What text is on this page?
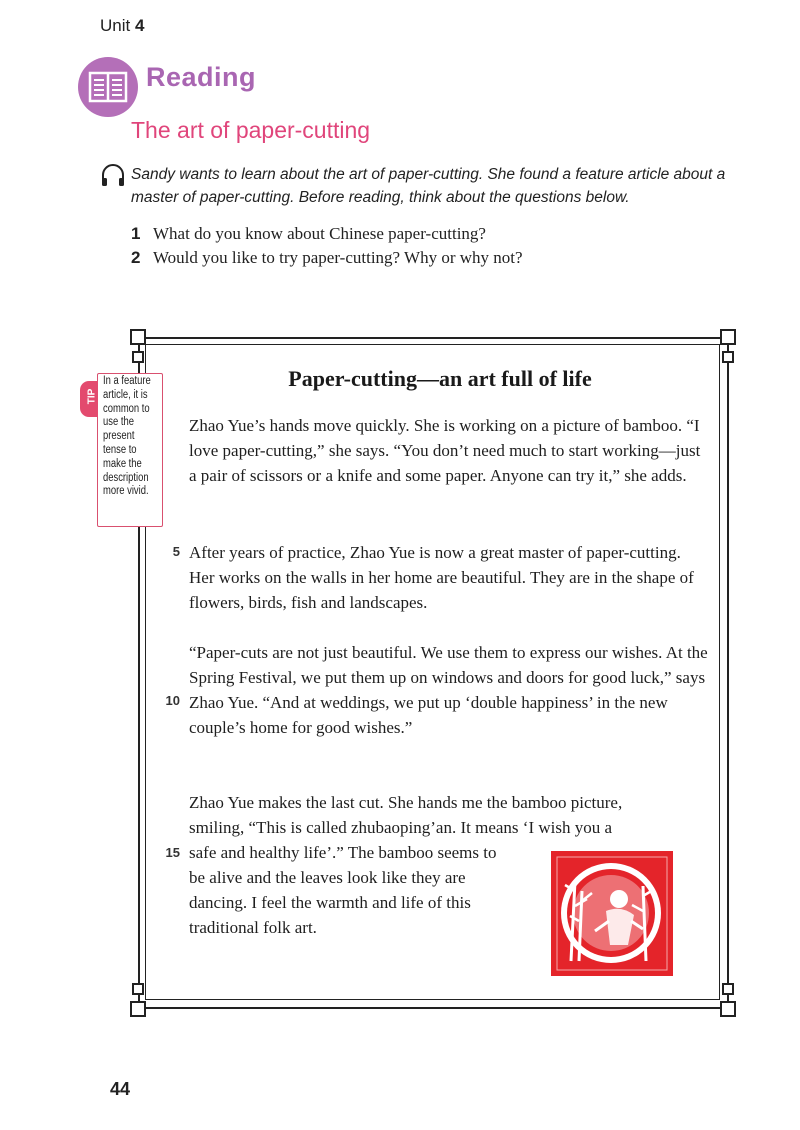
Unit 4
Reading
The art of paper-cutting
Sandy wants to learn about the art of paper-cutting. She found a feature article about a master of paper-cutting. Before reading, think about the questions below.
1 What do you know about Chinese paper-cutting?
2 Would you like to try paper-cutting? Why or why not?
TIP
In a feature article, it is common to use the present tense to make the description more vivid.
Paper-cutting—an art full of life
Zhao Yue’s hands move quickly. She is working on a picture of bamboo. “I love paper-cutting,” she says. “You don’t need much to start working—just a pair of scissors or a knife and some paper. Anyone can try it,” she adds.
After years of practice, Zhao Yue is now a great master of paper-cutting. Her works on the walls in her home are beautiful. They are in the shape of flowers, birds, fish and landscapes.
“Paper-cuts are not just beautiful. We use them to express our wishes. At the Spring Festival, we put them up on windows and doors for good luck,” says Zhao Yue. “And at weddings, we put up ‘double happiness’ in the new couple’s home for good wishes.”
Zhao Yue makes the last cut. She hands me the bamboo picture, smiling, “This is called zhubaoping’an. It means ‘I wish you a
safe and healthy life’.” The bamboo seems to be alive and the leaves look like they are dancing. I feel the warmth and life of this traditional folk art.
5
10
15
44
